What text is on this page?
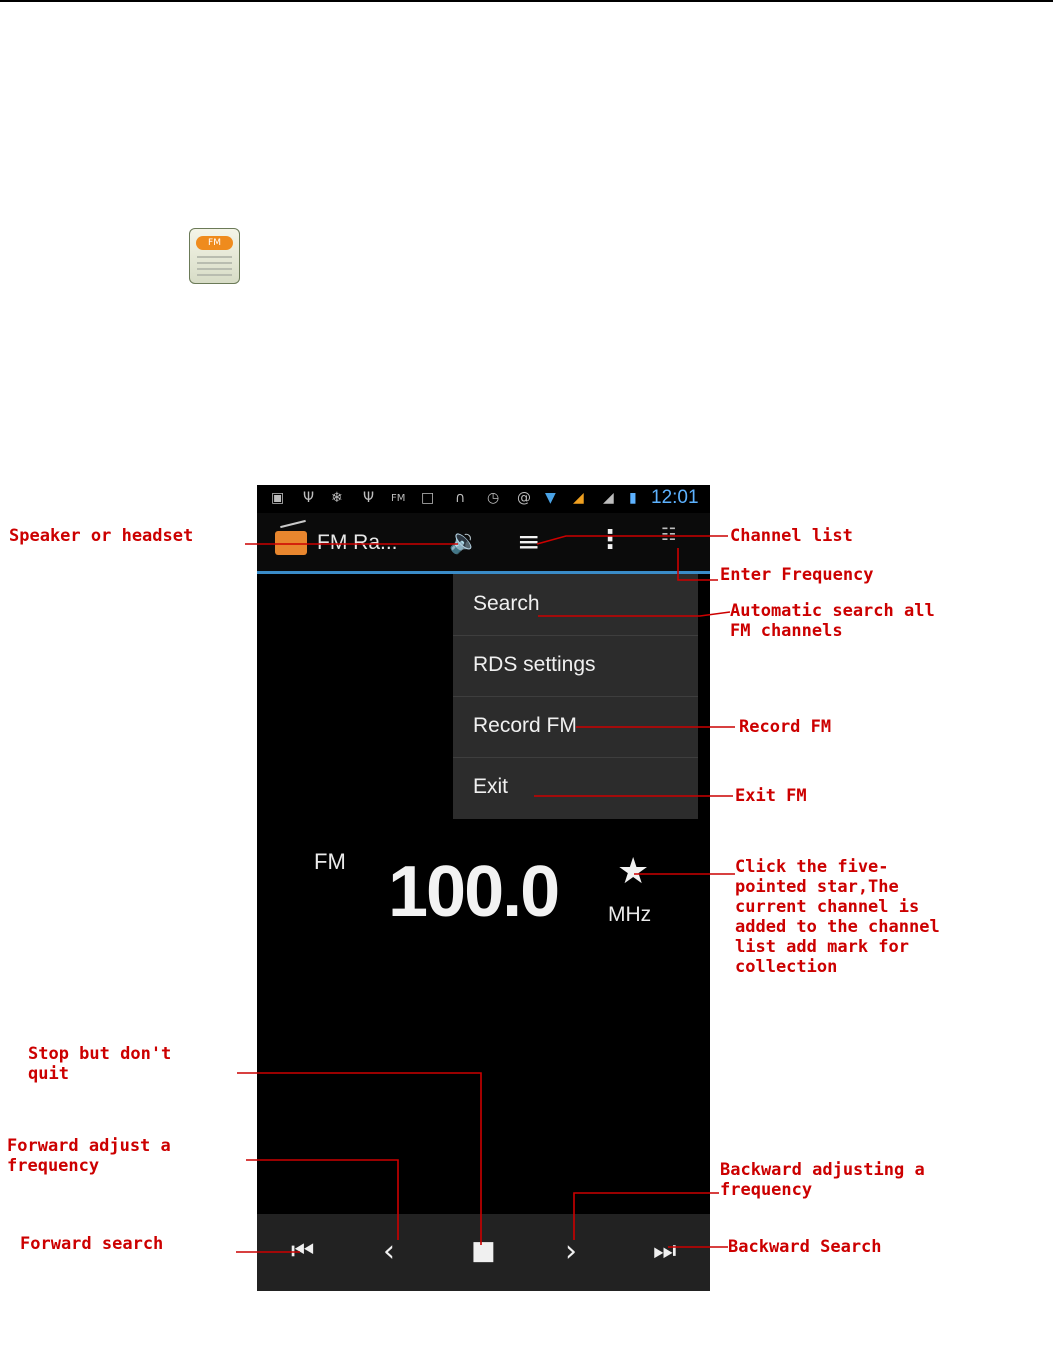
FM
▣ Ψ ❄ Ψ FM □ ∩ ◷ @ ▼ ◢ ◢ ▮ 12:01
FM Ra... 🔉 ≡ ⋮ ☷
Search
RDS settings
Record FM
Exit
FM 100.0 MHz
★
⏮ ‹	■ ›	⏭
Speaker or headset	Channel list
Enter Frequency
Automatic search all
FM channels
Record FM
Exit FM
Click the five-
pointed star,The
current channel is
added to the channel
list add mark for
collection
Stop but don't
quit
Forward adjust a
frequency	Backward adjusting a
frequency
Forward search	Backward Search
